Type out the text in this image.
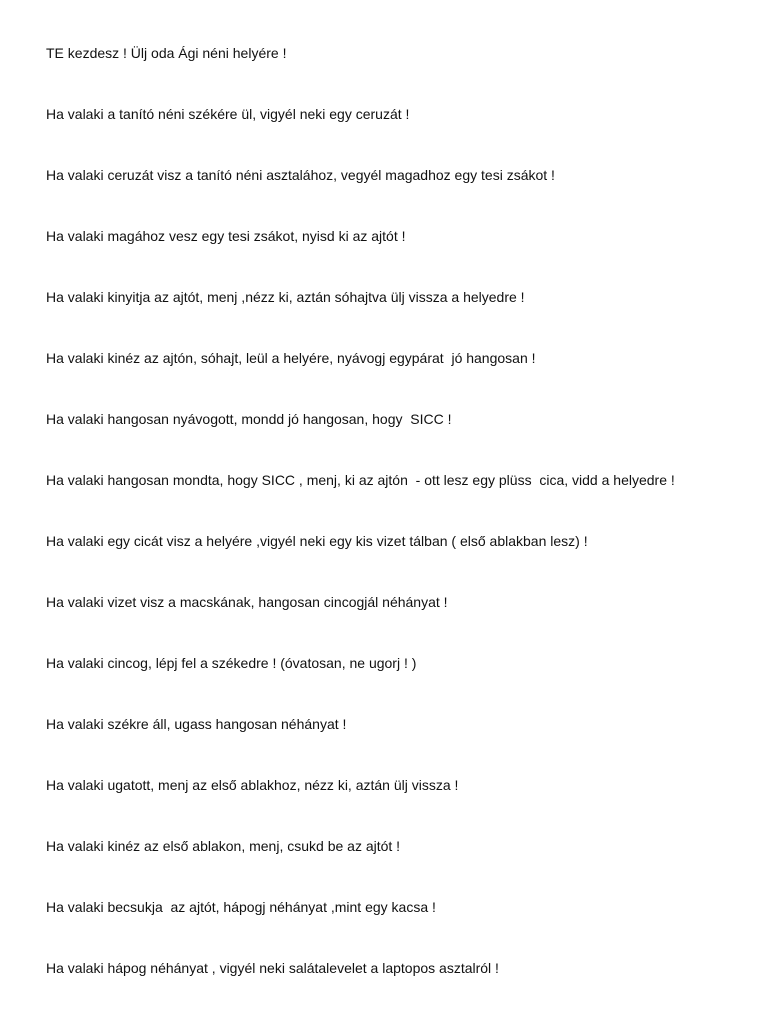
TE kezdesz ! Ülj oda Ági néni helyére !

Ha valaki a tanító néni székére ül, vigyél neki egy ceruzát !

Ha valaki ceruzát visz a tanító néni asztalához, vegyél magadhoz egy tesi zsákot !

Ha valaki magához vesz egy tesi zsákot, nyisd ki az ajtót !

Ha valaki kinyitja az ajtót, menj ,nézz ki, aztán sóhajtva ülj vissza a helyedre !

Ha valaki kinéz az ajtón, sóhajt, leül a helyére, nyávogj egypárat  jó hangosan !

Ha valaki hangosan nyávogott, mondd jó hangosan, hogy  SICC !

Ha valaki hangosan mondta, hogy SICC , menj, ki az ajtón  - ott lesz egy plüss  cica, vidd a helyedre !

Ha valaki egy cicát visz a helyére ,vigyél neki egy kis vizet tálban ( első ablakban lesz) !

Ha valaki vizet visz a macskának, hangosan cincogjál néhányat !

Ha valaki cincog, lépj fel a székedre ! (óvatosan, ne ugorj ! )

Ha valaki székre áll, ugass hangosan néhányat !

Ha valaki ugatott, menj az első ablakhoz, nézz ki, aztán ülj vissza !

Ha valaki kinéz az első ablakon, menj, csukd be az ajtót !

Ha valaki becsukja  az ajtót, hápogj néhányat ,mint egy kacsa !

Ha valaki hápog néhányat , vigyél neki salátalevelet a laptopos asztalról !
